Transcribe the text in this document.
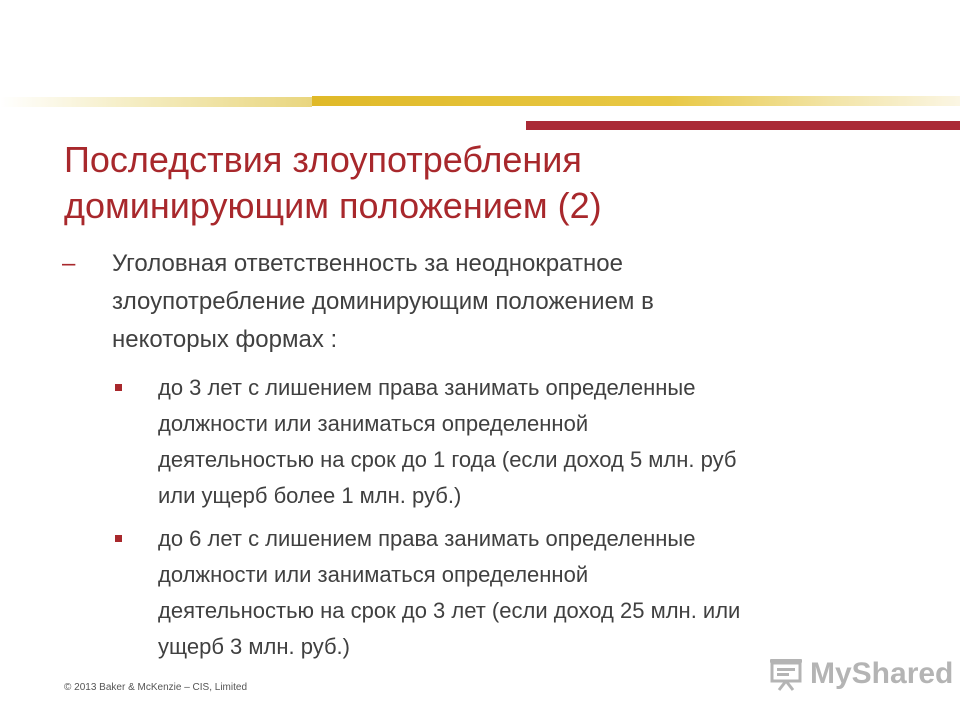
Последствия злоупотребления
доминирующим положением (2)
– Уголовная ответственность за неоднократное
злоупотребление доминирующим положением в
некоторых формах :
до 3 лет с лишением права занимать определенные
должности или заниматься определенной
деятельностью на срок до 1 года (если доход 5 млн. руб
или ущерб более 1 млн. руб.)
до 6 лет с лишением права занимать определенные
должности или заниматься определенной
деятельностью на срок до 3 лет (если доход 25 млн. или
ущерб 3 млн. руб.)
© 2013 Baker & McKenzie – CIS, Limited	MyShared
